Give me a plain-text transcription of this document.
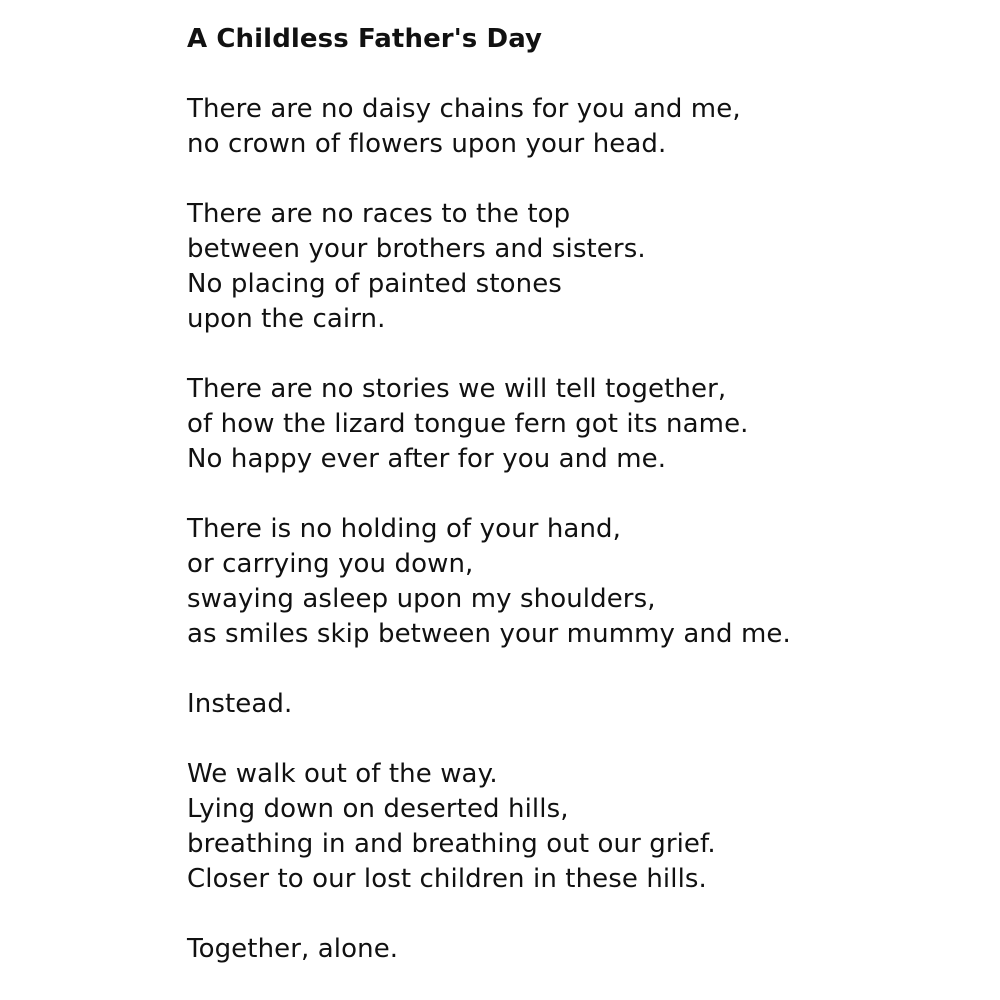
A Childless Father's Day
There are no daisy chains for you and me,
no crown of flowers upon your head.
There are no races to the top
between your brothers and sisters.
No placing of painted stones
upon the cairn.
There are no stories we will tell together,
of how the lizard tongue fern got its name.
No happy ever after for you and me.
There is no holding of your hand,
or carrying you down,
swaying asleep upon my shoulders,
as smiles skip between your mummy and me.
Instead.
We walk out of the way.
Lying down on deserted hills,
breathing in and breathing out our grief.
Closer to our lost children in these hills.
Together, alone.
